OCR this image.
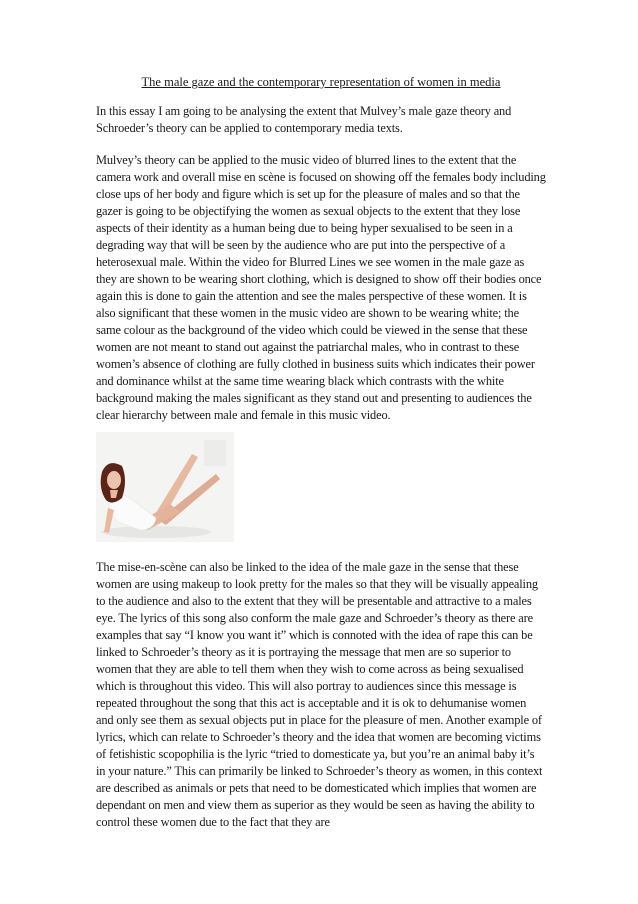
The male gaze and the contemporary representation of women in media

In this essay I am going to be analysing the extent that Mulvey’s male gaze theory and Schroeder’s theory can be applied to contemporary media texts.

Mulvey’s theory can be applied to the music video of blurred lines to the extent that the camera work and overall mise en scène is focused on showing off the females body including close ups of her body and figure which is set up for the pleasure of males and so that the gazer is going to be objectifying the women as sexual objects to the extent that they lose aspects of their identity as a human being due to being hyper sexualised to be seen in a degrading way that will be seen by the audience who are put into the perspective of a heterosexual male. Within the video for Blurred Lines we see women in the male gaze as they are shown to be wearing short clothing, which is designed to show off their bodies once again this is done to gain the attention and see the males perspective of these women. It is also significant that these women in the music video are shown to be wearing white; the same colour as the background of the video which could be viewed in the sense that these women are not meant to stand out against the patriarchal males, who in contrast to these women’s absence of clothing are fully clothed in business suits which indicates their power and dominance whilst at the same time wearing black which contrasts with the white background making the males significant as they stand out and presenting to audiences the clear hierarchy between male and female in this music video.

The mise-en-scène can also be linked to the idea of the male gaze in the sense that these women are using makeup to look pretty for the males so that they will be visually appealing to the audience and also to the extent that they will be presentable and attractive to a males eye. The lyrics of this song also conform the male gaze and Schroeder’s theory as there are examples that say “I know you want it” which is connoted with the idea of rape this can be linked to Schroeder’s theory as it is portraying the message that men are so superior to women that they are able to tell them when they wish to come across as being sexualised which is throughout this video. This will also portray to audiences since this message is repeated throughout the song that this act is acceptable and it is ok to dehumanise women and only see them as sexual objects put in place for the pleasure of men. Another example of lyrics, which can relate to Schroeder’s theory and the idea that women are becoming victims of fetishistic scopophilia is the lyric “tried to domesticate ya, but you’re an animal baby it’s in your nature.” This can primarily be linked to Schroeder’s theory as women, in this context are described as animals or pets that need to be domesticated which implies that women are dependant on men and view them as superior as they would be seen as having the ability to control these women due to the fact that they are
